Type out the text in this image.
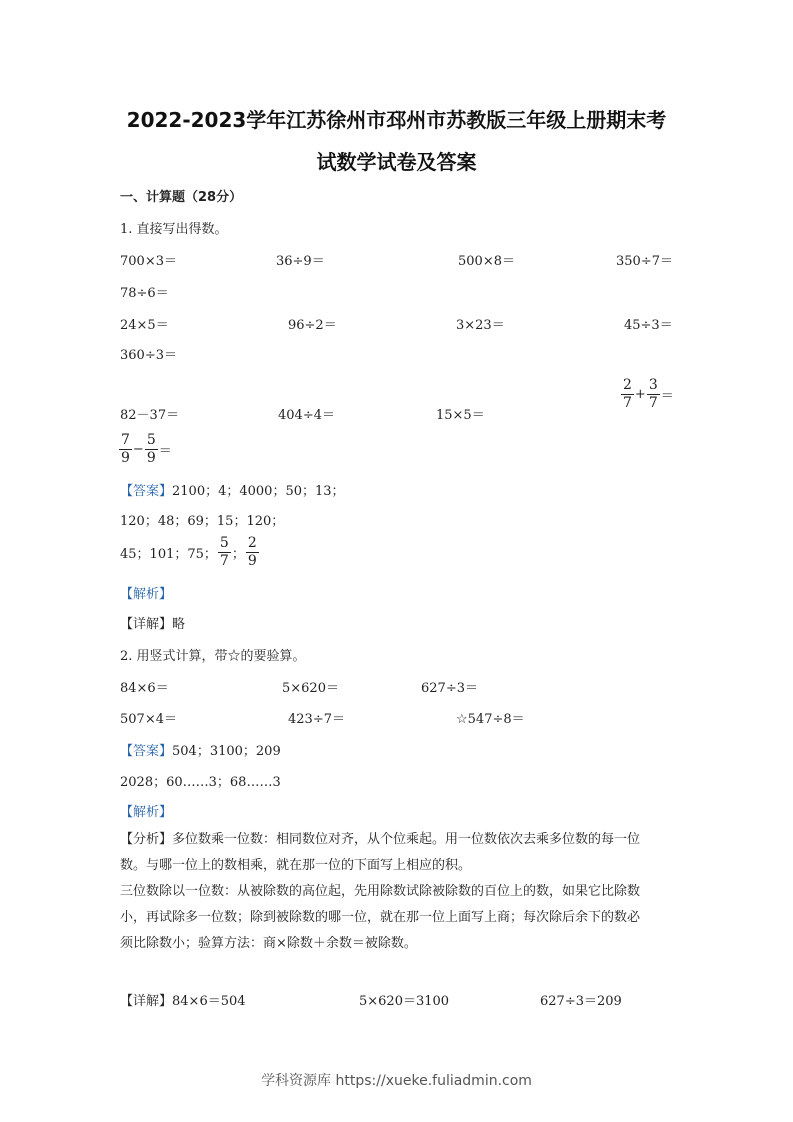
2022-2023学年江苏徐州市邳州市苏教版三年级上册期末考
试数学试卷及答案
一、计算题（28分）
1. 直接写出得数。
700×3＝	36÷9＝	500×8＝	350÷7＝
78÷6＝
24×5＝	96÷2＝	3×23＝	45÷3＝
360÷3＝
82－37＝	404÷4＝	15×5＝
$\frac{2}{7} + \frac{3}{7}$ ＝
$\frac{7}{9} - \frac{5}{9}$ ＝
【答案】2100；4；4000；50；13；
120；48；69；15；120；
45；101；75； $\frac{5}{7}$ ； $\frac{2}{9}$
【解析】
【详解】略
2. 用竖式计算，带☆的要验算。
84×6＝	5×620＝	627÷3＝
507×4＝	423÷7＝	☆547÷8＝
【答案】504；3100；209
2028；60……3；68……3
【解析】
【分析】多位数乘一位数：相同数位对齐，从个位乘起。用一位数依次去乘多位数的每一位
数。与哪一位上的数相乘，就在那一位的下面写上相应的积。
三位数除以一位数：从被除数的高位起，先用除数试除被除数的百位上的数，如果它比除数
小，再试除多一位数；除到被除数的哪一位，就在那一位上面写上商；每次除后余下的数必
须比除数小；验算方法：商×除数＋余数＝被除数。
【详解】84×6＝504	5×620＝3100	627÷3＝209
学科资源库 https://xueke.fuliadmin.com
